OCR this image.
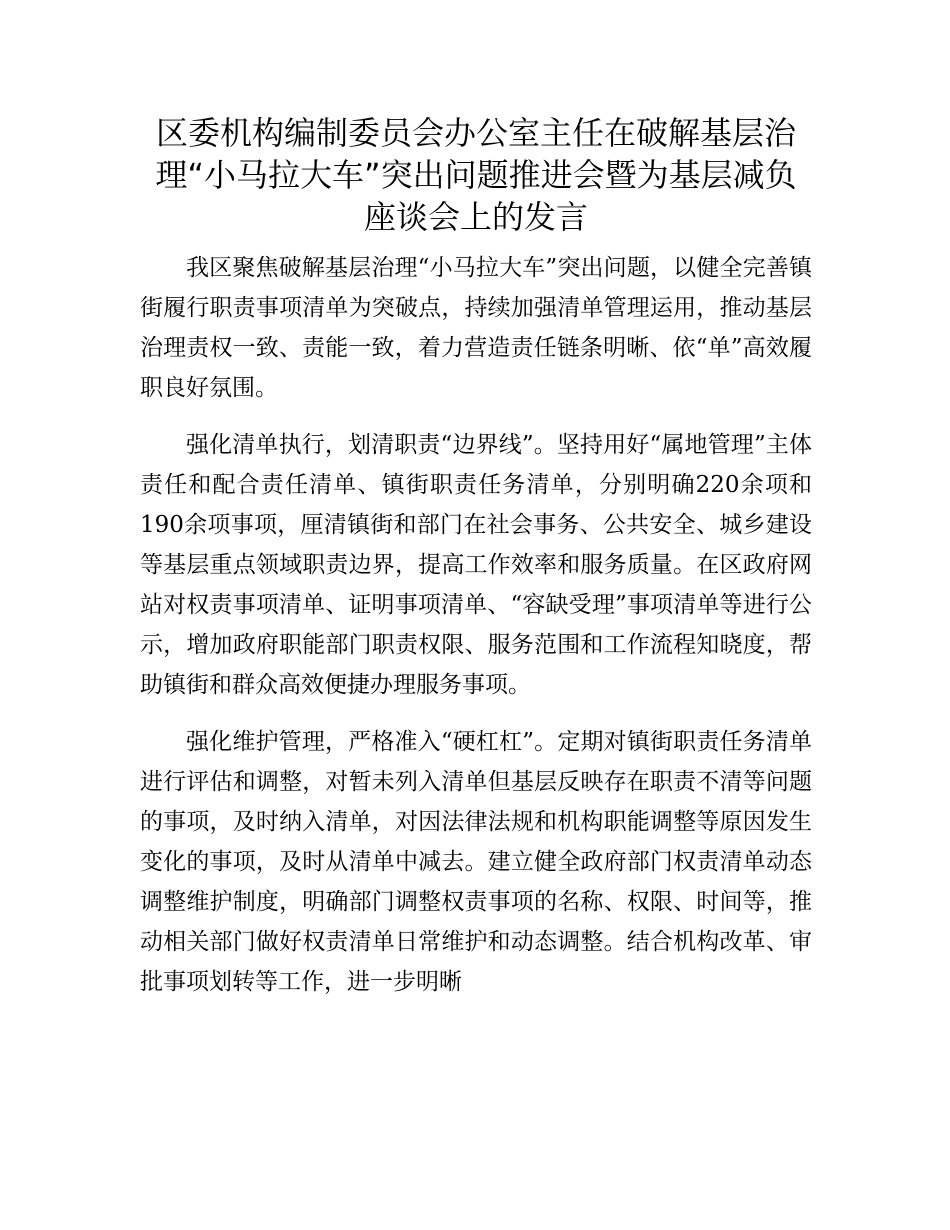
区委机构编制委员会办公室主任在破解基层治理“小马拉大车”突出问题推进会暨为基层减负座谈会上的发言

我区聚焦破解基层治理“小马拉大车”突出问题，以健全完善镇街履行职责事项清单为突破点，持续加强清单管理运用，推动基层治理责权一致、责能一致，着力营造责任链条明晰、依“单”高效履职良好氛围。

强化清单执行，划清职责“边界线”。坚持用好“属地管理”主体责任和配合责任清单、镇街职责任务清单，分别明确220余项和190余项事项，厘清镇街和部门在社会事务、公共安全、城乡建设等基层重点领域职责边界，提高工作效率和服务质量。在区政府网站对权责事项清单、证明事项清单、“容缺受理”事项清单等进行公示，增加政府职能部门职责权限、服务范围和工作流程知晓度，帮助镇街和群众高效便捷办理服务事项。

强化维护管理，严格准入“硬杠杠”。定期对镇街职责任务清单进行评估和调整，对暂未列入清单但基层反映存在职责不清等问题的事项，及时纳入清单，对因法律法规和机构职能调整等原因发生变化的事项，及时从清单中减去。建立健全政府部门权责清单动态调整维护制度，明确部门调整权责事项的名称、权限、时间等，推动相关部门做好权责清单日常维护和动态调整。结合机构改革、审批事项划转等工作，进一步明晰
